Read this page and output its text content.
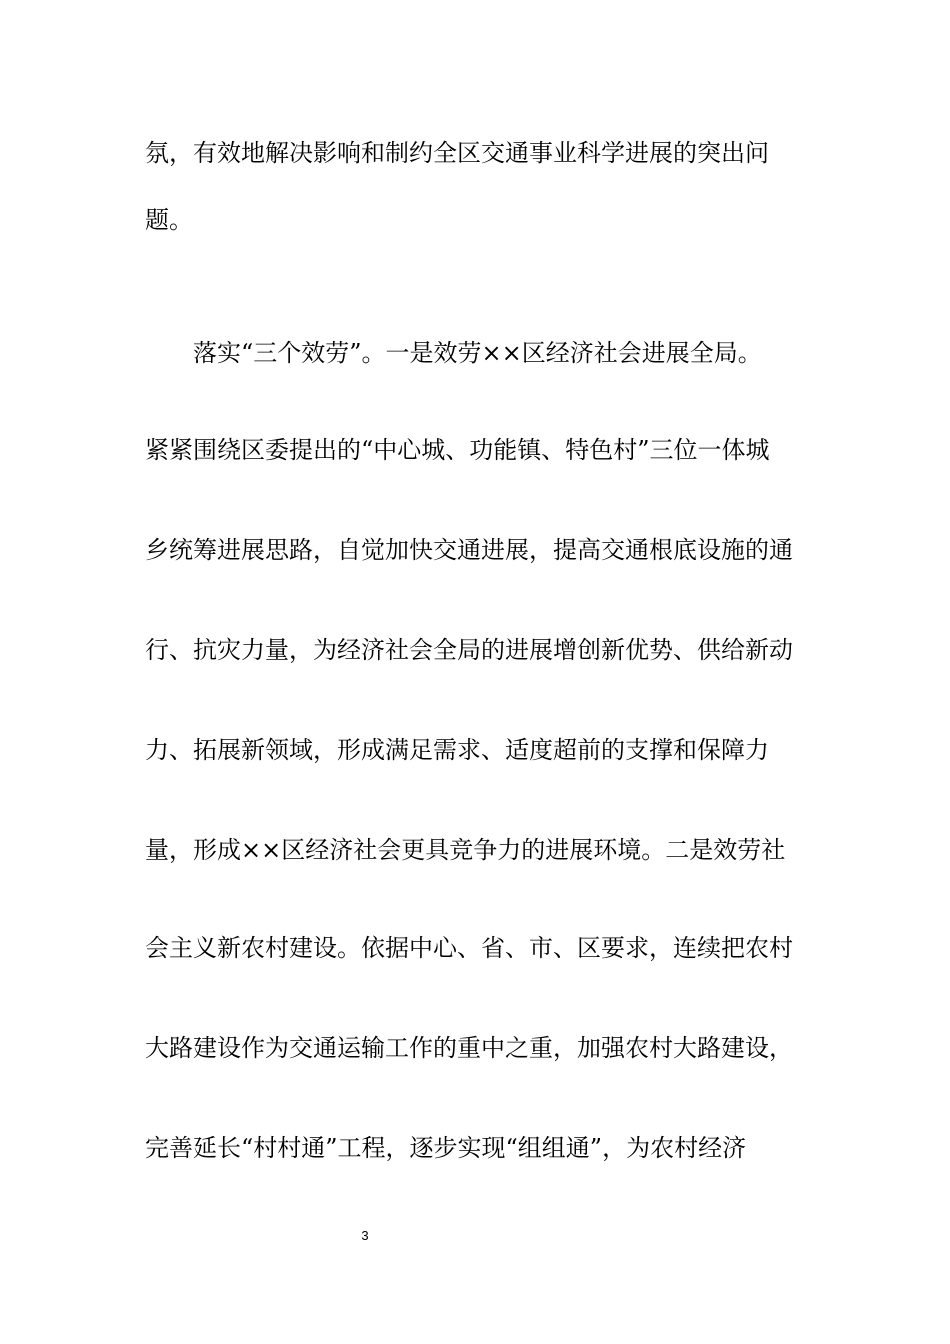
氛，有效地解决影响和制约全区交通事业科学进展的突出问
题。
落实“三个效劳”。一是效劳××区经济社会进展全局。
紧紧围绕区委提出的“中心城、功能镇、特色村”三位一体城
乡统筹进展思路，自觉加快交通进展，提高交通根底设施的通
行、抗灾力量，为经济社会全局的进展增创新优势、供给新动
力、拓展新领域，形成满足需求、适度超前的支撑和保障力
量，形成××区经济社会更具竞争力的进展环境。二是效劳社
会主义新农村建设。依据中心、省、市、区要求，连续把农村
大路建设作为交通运输工作的重中之重，加强农村大路建设，
完善延长“村村通”工程，逐步实现“组组通”，为农村经济
3
